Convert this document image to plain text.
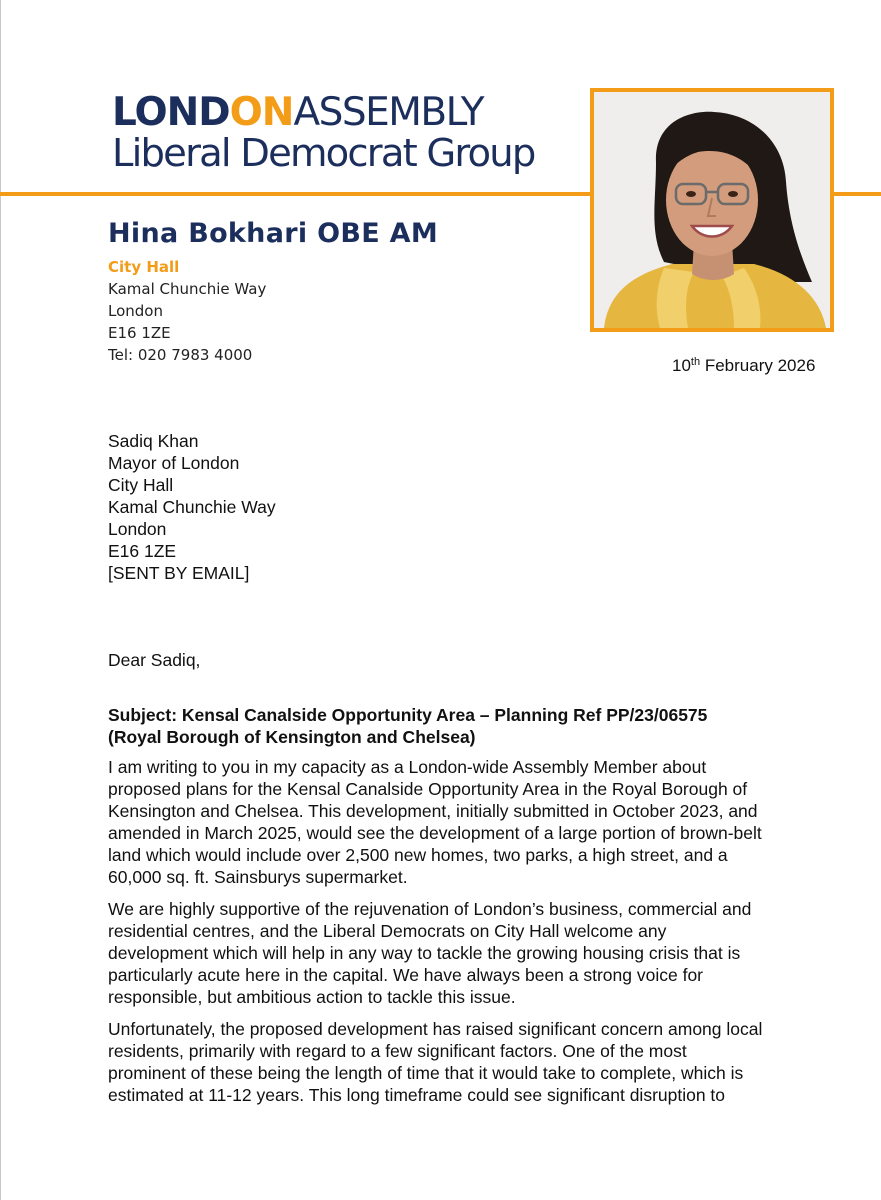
LONDONASSEMBLY
Liberal Democrat Group
Hina Bokhari OBE AM
City Hall
Kamal Chunchie Way
London
E16 1ZE
Tel: 020 7983 4000
10th February 2026
Sadiq Khan
Mayor of London
City Hall
Kamal Chunchie Way
London
E16 1ZE
[SENT BY EMAIL]
Dear Sadiq,
Subject: Kensal Canalside Opportunity Area – Planning Ref PP/23/06575
(Royal Borough of Kensington and Chelsea)

I am writing to you in my capacity as a London-wide Assembly Member about
proposed plans for the Kensal Canalside Opportunity Area in the Royal Borough of
Kensington and Chelsea. This development, initially submitted in October 2023, and
amended in March 2025, would see the development of a large portion of brown-belt
land which would include over 2,500 new homes, two parks, a high street, and a
60,000 sq. ft. Sainsburys supermarket.

We are highly supportive of the rejuvenation of London’s business, commercial and
residential centres, and the Liberal Democrats on City Hall welcome any
development which will help in any way to tackle the growing housing crisis that is
particularly acute here in the capital. We have always been a strong voice for
responsible, but ambitious action to tackle this issue.

Unfortunately, the proposed development has raised significant concern among local
residents, primarily with regard to a few significant factors. One of the most
prominent of these being the length of time that it would take to complete, which is
estimated at 11-12 years. This long timeframe could see significant disruption to
